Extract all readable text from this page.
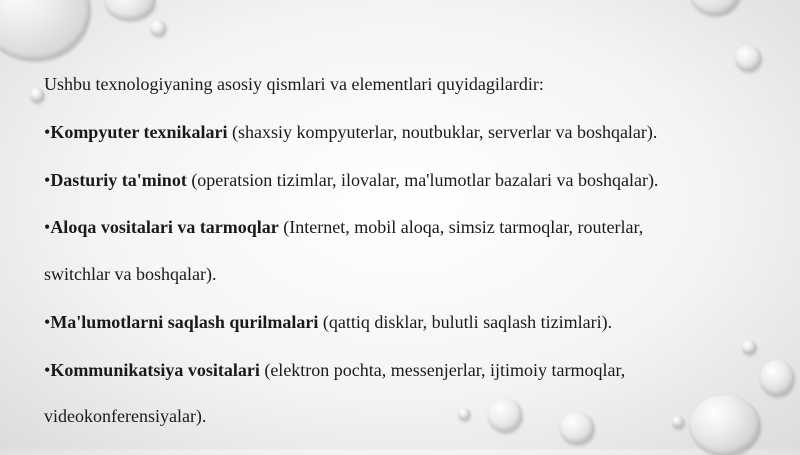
Ushbu texnologiyaning asosiy qismlari va elementlari quyidagilardir:
•Kompyuter texnikalari (shaxsiy kompyuterlar, noutbuklar, serverlar va boshqalar).
•Dasturiy ta'minot (operatsion tizimlar, ilovalar, ma'lumotlar bazalari va boshqalar).
•Aloqa vositalari va tarmoqlar (Internet, mobil aloqa, simsiz tarmoqlar, routerlar,
switchlar va boshqalar).
•Ma'lumotlarni saqlash qurilmalari (qattiq disklar, bulutli saqlash tizimlari).
•Kommunikatsiya vositalari (elektron pochta, messenjerlar, ijtimoiy tarmoqlar,
videokonferensiyalar).
